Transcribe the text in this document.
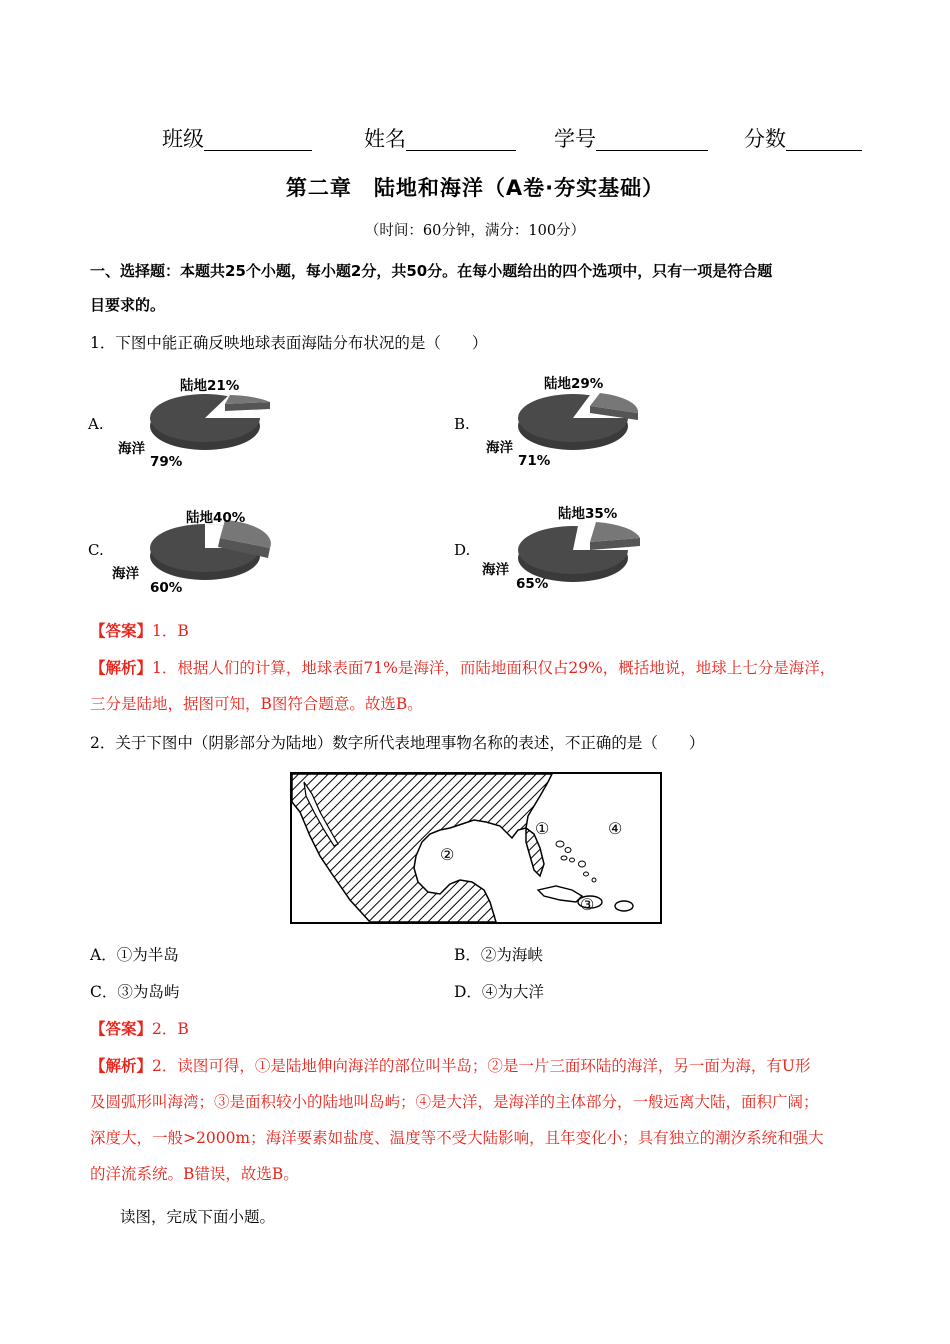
班级	姓名	学号	分数
第二章　陆地和海洋（A卷·夯实基础）
（时间：60分钟，满分：100分）
一、选择题：本题共25个小题，每小题2分，共50分。在每小题给出的四个选项中，只有一项是符合题
目要求的。
1．下图中能正确反映地球表面海陆分布状况的是（　　）
A.
陆地21%
海洋
79%
B.
陆地29%
海洋
71%
C.
陆地40%
海洋
60%
D.
陆地35%
海洋
65%
【答案】1．B
【解析】1．根据人们的计算，地球表面71%是海洋，而陆地面积仅占29%，概括地说，地球上七分是海洋，
三分是陆地，据图可知，B图符合题意。故选B。
2．关于下图中（阴影部分为陆地）数字所代表地理事物名称的表述，不正确的是（　　）
①
②
③
④
A．①为半岛	B．②为海峡
C．③为岛屿	D．④为大洋
【答案】2．B
【解析】2．读图可得，①是陆地伸向海洋的部位叫半岛；②是一片三面环陆的海洋，另一面为海，有U形
及圆弧形叫海湾；③是面积较小的陆地叫岛屿；④是大洋，是海洋的主体部分，一般远离大陆，面积广阔；
深度大，一般>2000m；海洋要素如盐度、温度等不受大陆影响，且年变化小；具有独立的潮汐系统和强大
的洋流系统。B错误，故选B。
读图，完成下面小题。
